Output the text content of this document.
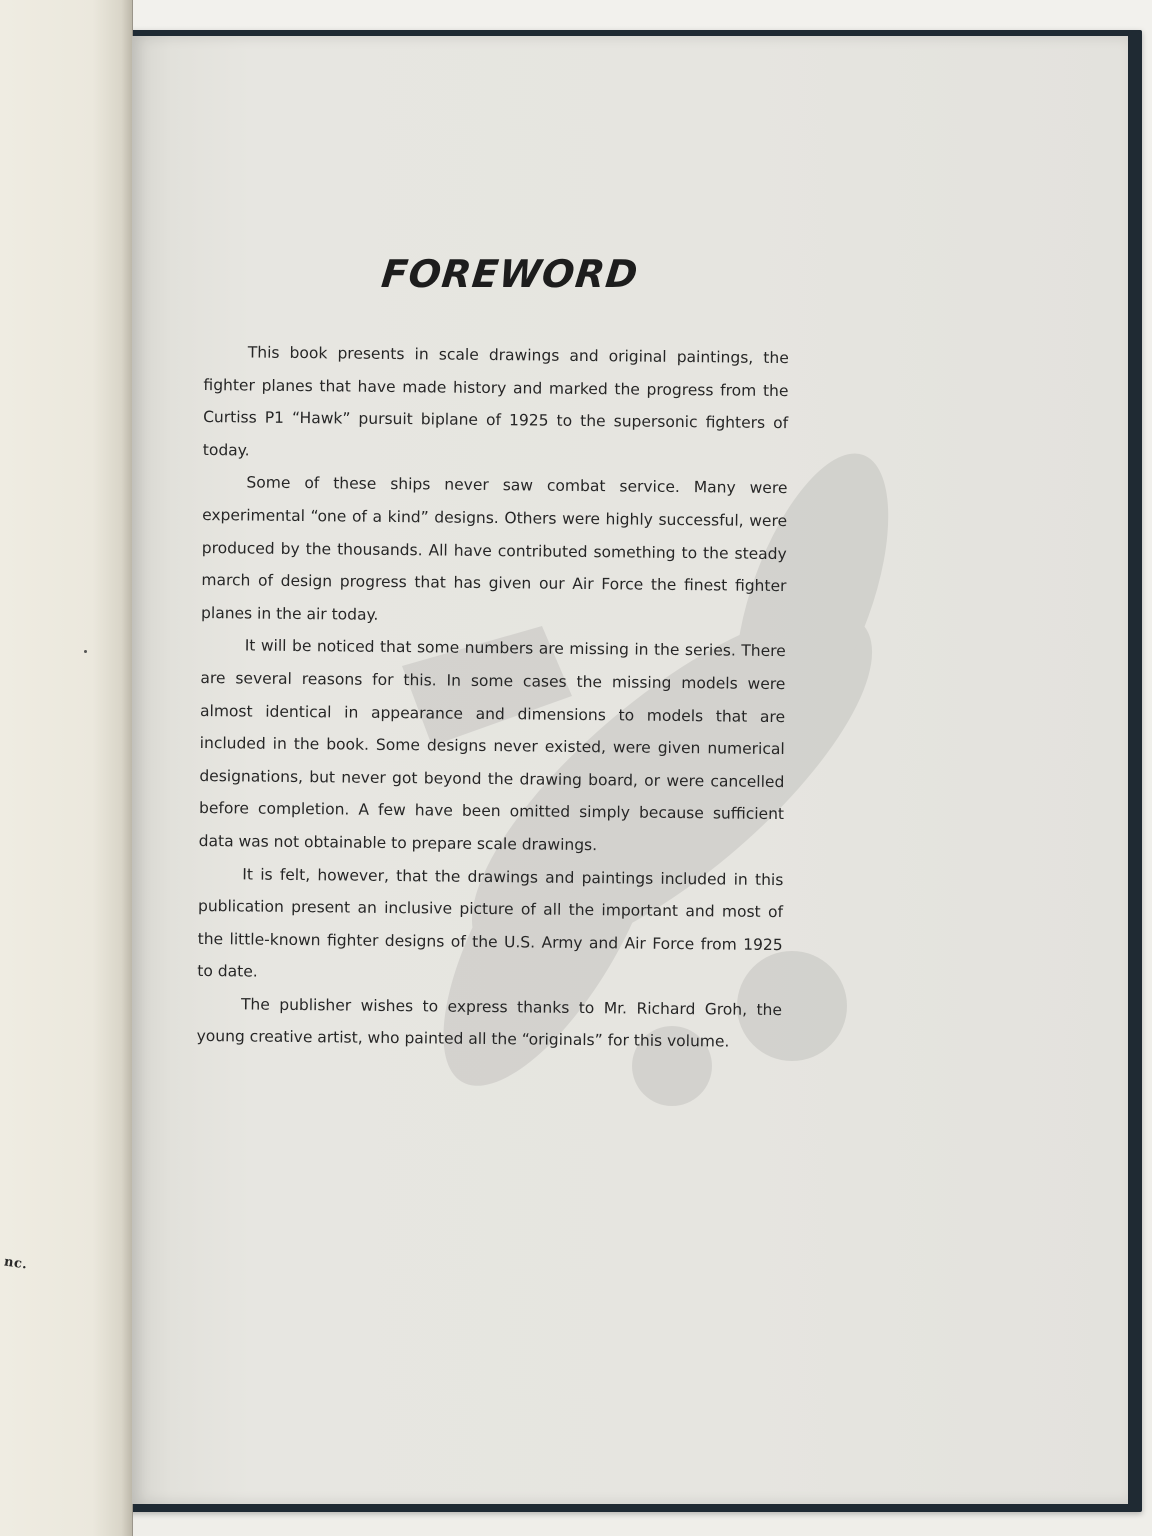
nc.
FOREWORD

This book presents in scale drawings and original paintings, the fighter planes that have made history and marked the progress from the Curtiss P1 “Hawk” pursuit biplane of 1925 to the supersonic fighters of today.

Some of these ships never saw combat service. Many were experimental “one of a kind” designs. Others were highly successful, were produced by the thousands. All have contributed something to the steady march of design progress that has given our Air Force the finest fighter planes in the air today.

It will be noticed that some numbers are missing in the series. There are several reasons for this. In some cases the missing models were almost identical in appearance and dimensions to models that are included in the book. Some designs never existed, were given numerical designations, but never got beyond the drawing board, or were cancelled before completion. A few have been omitted simply because sufficient data was not obtainable to prepare scale drawings.

It is felt, however, that the drawings and paintings included in this publication present an inclusive picture of all the important and most of the little-known fighter designs of the U.S. Army and Air Force from 1925 to date.

The publisher wishes to express thanks to Mr. Richard Groh, the young creative artist, who painted all the “originals” for this volume.
